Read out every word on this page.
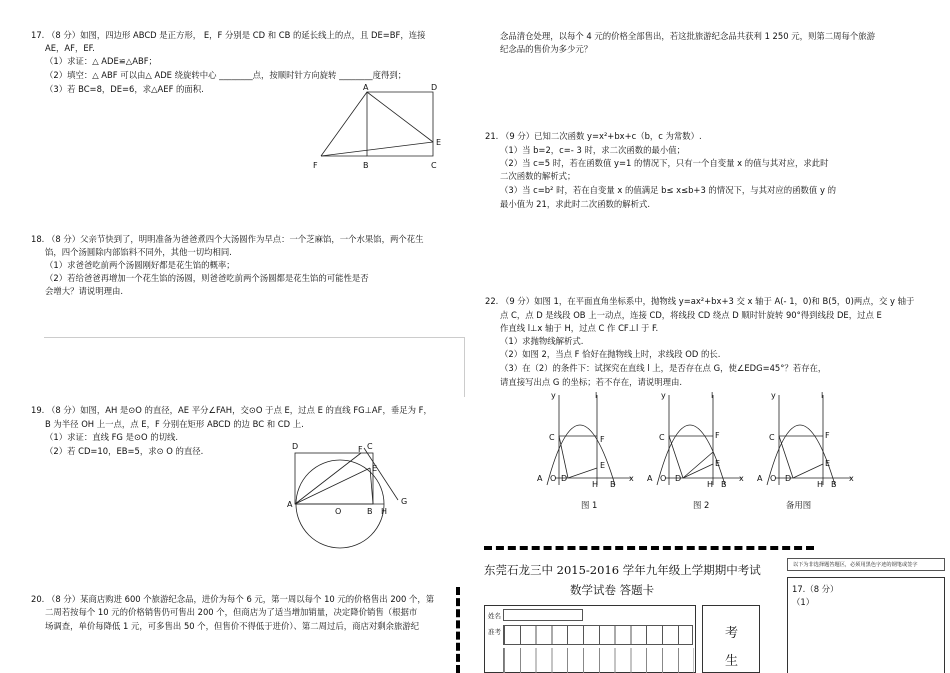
17. （8 分）如图，四边形 ABCD 是正方形， E，F 分别是 CD 和 CB 的延长线上的点，且 DE=BF，连接
AE，AF，EF.
（1）求证：△ ADE≌△ABF；
（2）填空：△ ABF 可以由△ ADE 绕旋转中心 ________点，按顺时针方向旋转 ________度得到；
（3）若 BC=8，DE=6，求△AEF 的面积.	A	D
E
F	B	C
18. （8 分）父亲节快到了，明明准备为爸爸煮四个大汤圆作为早点：一个芝麻馅，一个水果馅，两个花生
馅，四个汤圆除内部馅料不同外，其他一切均相同.
（1）求爸爸吃前两个汤圆刚好都是花生馅的概率；
（2）若给爸爸再增加一个花生馅的汤圆，则爸爸吃前两个汤圆都是花生馅的可能性是否
会增大？请说明理由.
19. （8 分）如图，AH 是⊙O 的直径，AE 平分∠FAH，交⊙O 于点 E，过点 E 的直线 FG⊥AF，垂足为 F，
B 为半径 OH 上一点，点 E，F 分别在矩形 ABCD 的边 BC 和 CD 上.
（1）求证：直线 FG 是⊙O 的切线.
（2）若 CD=10，EB=5，求⊙ O 的直径.	D	C
F
E
A
O	B H
G
20. （8 分）某商店购进 600 个旅游纪念品，进价为每个 6 元，第一周以每个 10 元的价格售出 200 个，第
二周若按每个 10 元的价格销售仍可售出 200 个，但商店为了适当增加销量，决定降价销售（根据市
场调查，单价每降低 1 元，可多售出 50 个，但售价不得低于进价）、第二周过后，商店对剩余旅游纪
念品清仓处理，以每个 4 元的价格全部售出，若这批旅游纪念品共获利 1 250 元，则第二周每个旅游
纪念品的售价为多少元？
21. （9 分）已知二次函数 y=x²+bx+c（b，c 为常数）.
（1）当 b=2，c=- 3 时，求二次函数的最小值；
（2）当 c=5 时，若在函数值 y=1 的情况下，只有一个自变量 x 的值与其对应，求此时
二次函数的解析式；
（3）当 c=b² 时，若在自变量 x 的值满足 b≤ x≤b+3 的情况下，与其对应的函数值 y 的
最小值为 21，求此时二次函数的解析式.
22. （9 分）如图 1，在平面直角坐标系中，抛物线 y=ax²+bx+3 交 x 轴于 A(- 1，0)和 B(5，0)两点，交 y 轴于
点 C，点 D 是线段 OB 上一动点，连接 CD，将线段 CD 绕点 D 顺时针旋转 90°得到线段 DE，过点 E
作直线 l⊥x 轴于 H，过点 C 作 CF⊥l 于 F.
（1）求抛物线解析式.
（2）如图 2，当点 F 恰好在抛物线上时，求线段 OD 的长.
（3）在（2）的条件下：试探究在直线 l 上，是否存在点 G，使∠EDG=45°？若存在，
请直接写出点 G 的坐标；若不存在，请说明理由.
y	l
C	F
E
A O D
H B
x
y	l
C	F
E
A O D
H B
x
y	l
C	F
E
A O D
H B
x
图 1	图 2	备用图
东莞石龙三中 2015-2016 学年九年级上学期期中考试
数学试卷 答题卡
姓名
准考	考
生
以下为非选择题答题区，必须用黑色字迹的钢笔或签字
17.（8 分）
（1）
